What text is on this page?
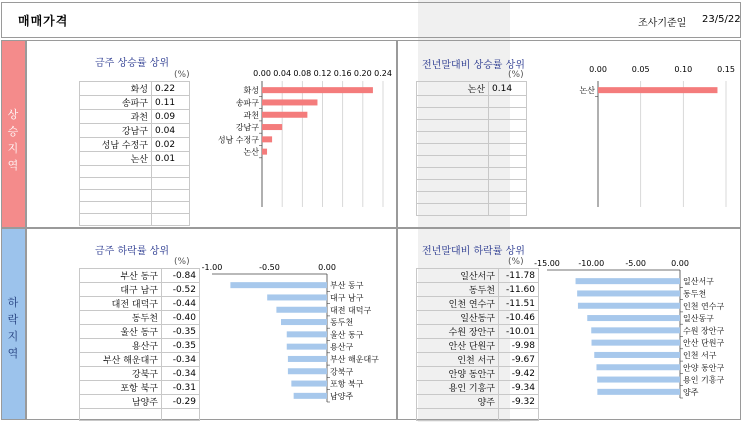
매매가격	조사기준일 23/5/22
상
승
지
역
하
락
지
역
금주 상승률 상위
(%)
전년말대비 상승률 상위
(%)
금주 하락률 상위
(%)
전년말대비 하락률 상위
(%)
화성	0.22
송파구	0.11
과천	0.09
강남구	0.04
성남 수정구	0.02
논산	0.01

논산	0.14

부산 동구	-0.84
대구 남구	-0.52
대전 대덕구	-0.44
동두천	-0.40
울산 동구	-0.35
용산구	-0.35
부산 해운대구	-0.34
강북구	-0.34
포항 북구	-0.31
남양주	-0.29

일산서구	-11.78
동두천	-11.60
인천 연수구	-11.51
일산동구	-10.46
수원 장안구	-10.01
안산 단원구	-9.98
인천 서구	-9.67
안양 동안구	-9.42
용인 기흥구	-9.34
양주	-9.32

0.00 0.04 0.08 0.12 0.16 0.20 0.24
화성
송파구
과천
강남구
성남 수정구
논산
0.00	0.05	0.10	0.15
논산
-1.00	-0.50	0.00
부산 동구
대구 남구
대전 대덕구
동두천
울산 동구
용산구
부산 해운대구
강북구
포항 북구
남양주
-15.00 -10.00	-5.00	0.00
일산서구
동두천
인천 연수구
일산동구
수원 장안구
안산 단원구
인천 서구
안양 동안구
용인 기흥구
양주
